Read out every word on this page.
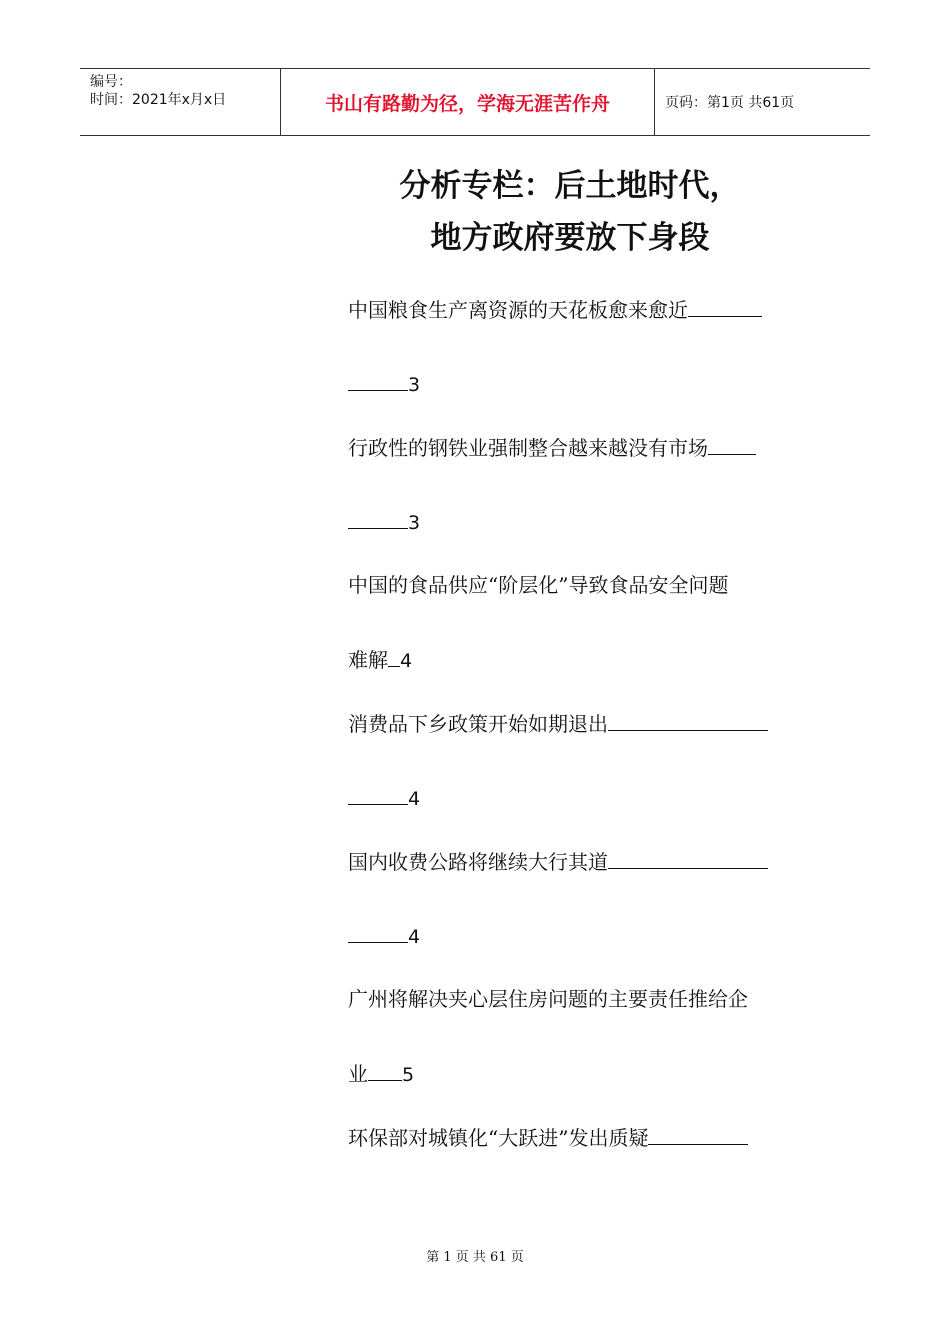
编号：
时间：2021年x月x日	书山有路勤为径，学海无涯苦作舟	页码：第1页 共61页
分析专栏：后土地时代，
地方政府要放下身段
中国粮食生产离资源的天花板愈来愈近
3
行政性的钢铁业强制整合越来越没有市场
3
中国的食品供应“阶层化”导致食品安全问题
难解 4
消费品下乡政策开始如期退出
4
国内收费公路将继续大行其道
4
广州将解决夹心层住房问题的主要责任推给企
业 5
环保部对城镇化“大跃进”发出质疑
第 1 页 共 61 页
